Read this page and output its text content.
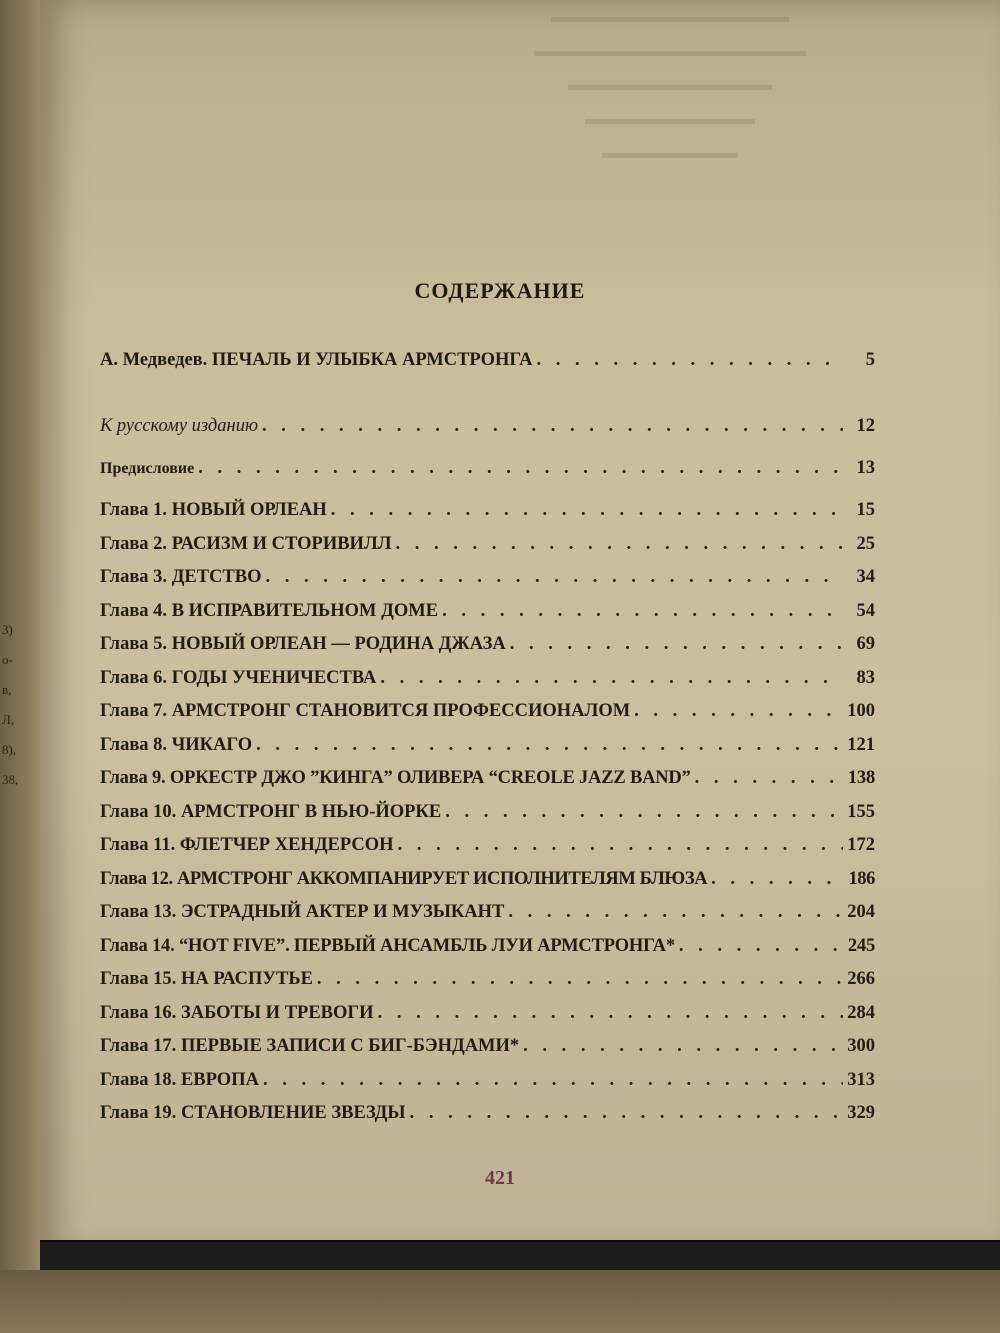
3)
о-
в,
Л,
8),
38,
▬▬▬▬▬▬▬▬▬▬▬▬▬▬
▬▬▬▬▬▬▬▬▬▬▬▬▬▬▬▬
▬▬▬▬▬▬▬▬▬▬▬▬
▬▬▬▬▬▬▬▬▬▬
▬▬▬▬▬▬▬▬
СОДЕРЖАНИЕ
А. Медведев. ПЕЧАЛЬ И УЛЫБКА АРМСТРОНГА . . .	5
К русскому изданию . . .	12
Предисловие . . .	13
Глава 1. НОВЫЙ ОРЛЕАН . . .	15
Глава 2. РАСИЗМ И СТОРИВИЛЛ . . .	25
Глава 3. ДЕТСТВО . . .	34
Глава 4. В ИСПРАВИТЕЛЬНОМ ДОМЕ . . .	54
Глава 5. НОВЫЙ ОРЛЕАН — РОДИНА ДЖАЗА . . .	69
Глава 6. ГОДЫ УЧЕНИЧЕСТВА . . .	83
Глава 7. АРМСТРОНГ СТАНОВИТСЯ ПРОФЕССИОНАЛОМ . . .	100
Глава 8. ЧИКАГО . . .	121
Глава 9. ОРКЕСТР ДЖО ”КИНГА” ОЛИВЕРА “CREOLE JAZZ BAND” . . .	138
Глава 10. АРМСТРОНГ В НЬЮ-ЙОРКЕ . . .	155
Глава 11. ФЛЕТЧЕР ХЕНДЕРСОН . . .	172
Глава 12. АРМСТРОНГ АККОМПАНИРУЕТ ИСПОЛНИТЕЛЯМ БЛЮЗА . . .	186
Глава 13. ЭСТРАДНЫЙ АКТЕР И МУЗЫКАНТ . . .	204
Глава 14. “HOT FIVE”. ПЕРВЫЙ АНСАМБЛЬ ЛУИ АРМСТРОНГА* . . .	245
Глава 15. НА РАСПУТЬЕ . . .	266
Глава 16. ЗАБОТЫ И ТРЕВОГИ . . .	284
Глава 17. ПЕРВЫЕ ЗАПИСИ С БИГ-БЭНДАМИ* . . .	300
Глава 18. ЕВРОПА . . .	313
Глава 19. СТАНОВЛЕНИЕ ЗВЕЗДЫ . . .	329
421
